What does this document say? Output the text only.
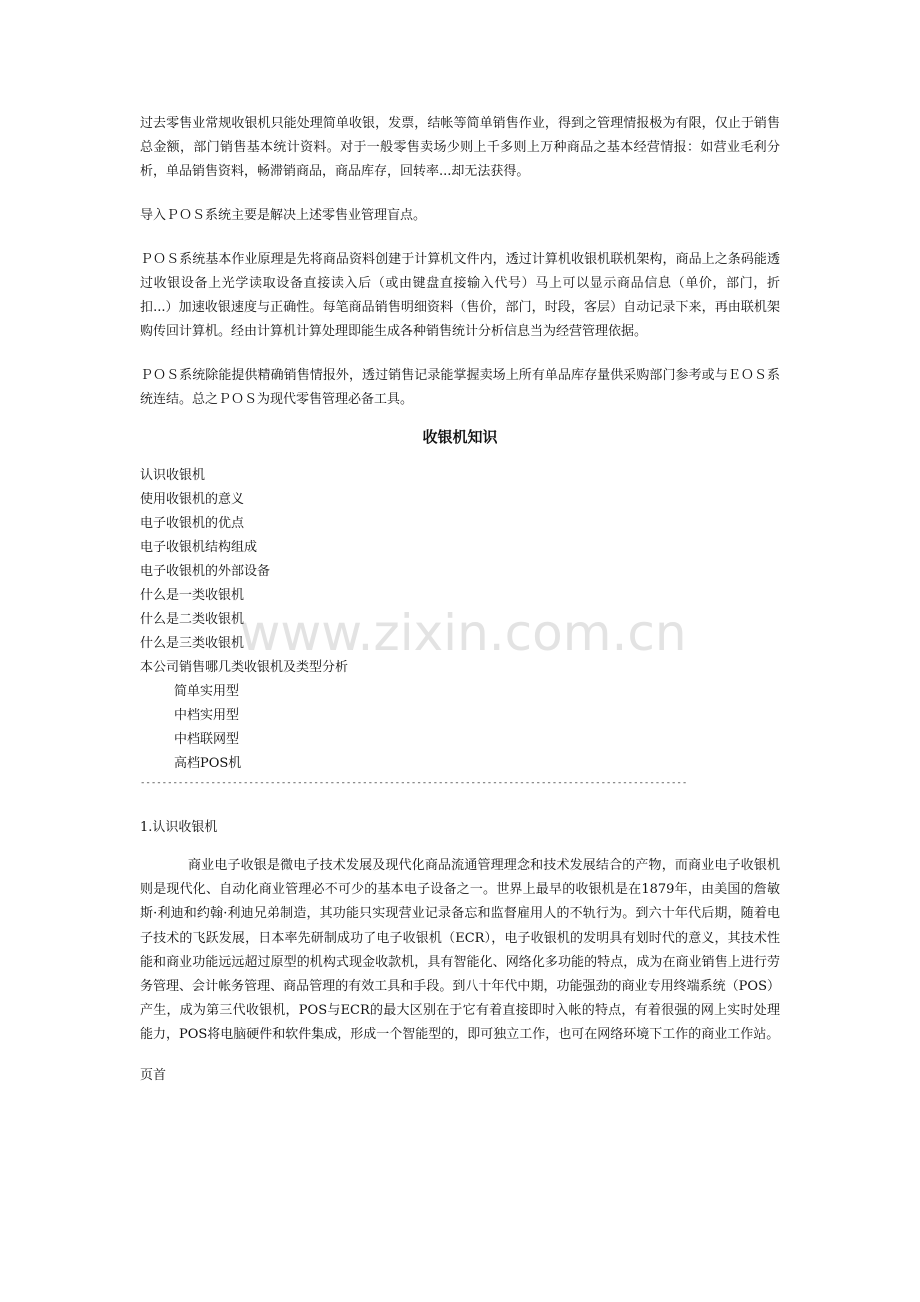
www.zixin.com.cn

过去零售业常规收银机只能处理简单收银，发票，结帐等简单销售作业，得到之管理情报极为有限，仅止于销售总金额，部门销售基本统计资料。对于一般零售卖场少则上千多则上万种商品之基本经营情报：如营业毛利分析，单品销售资料，畅滞销商品，商品库存，回转率...却无法获得。

导入ＰＯＳ系统主要是解决上述零售业管理盲点。

ＰＯＳ系统基本作业原理是先将商品资料创建于计算机文件内，透过计算机收银机联机架构，商品上之条码能透过收银设备上光学读取设备直接读入后（或由键盘直接输入代号）马上可以显示商品信息（单价，部门，折扣...）加速收银速度与正确性。每笔商品销售明细资料（售价，部门，时段，客层）自动记录下来，再由联机架购传回计算机。经由计算机计算处理即能生成各种销售统计分析信息当为经营管理依据。

ＰＯＳ系统除能提供精确销售情报外，透过销售记录能掌握卖场上所有单品库存量供采购部门参考或与ＥＯＳ系统连结。总之ＰＯＳ为现代零售管理必备工具。

收银机知识
认识收银机
使用收银机的意义
电子收银机的优点
电子收银机结构组成
电子收银机的外部设备
什么是一类收银机
什么是二类收银机
什么是三类收银机
本公司销售哪几类收银机及类型分析
简单实用型
中档实用型
中档联网型
高档POS机
-----------------------------------------------------------------------------------------------------
1.认识收银机

商业电子收银是微电子技术发展及现代化商品流通管理理念和技术发展结合的产物，而商业电子收银机则是现代化、自动化商业管理必不可少的基本电子设备之一。世界上最早的收银机是在1879年，由美国的詹敏斯·利迪和约翰·利迪兄弟制造，其功能只实现营业记录备忘和监督雇用人的不轨行为。到六十年代后期，随着电子技术的飞跃发展，日本率先研制成功了电子收银机（ECR），电子收银机的发明具有划时代的意义，其技术性能和商业功能远远超过原型的机构式现金收款机，具有智能化、网络化多功能的特点，成为在商业销售上进行劳务管理、会计帐务管理、商品管理的有效工具和手段。到八十年代中期，功能强劲的商业专用终端系统（POS）产生，成为第三代收银机，POS与ECR的最大区别在于它有着直接即时入帐的特点，有着很强的网上实时处理能力，POS将电脑硬件和软件集成，形成一个智能型的，即可独立工作，也可在网络环境下工作的商业工作站。

页首
